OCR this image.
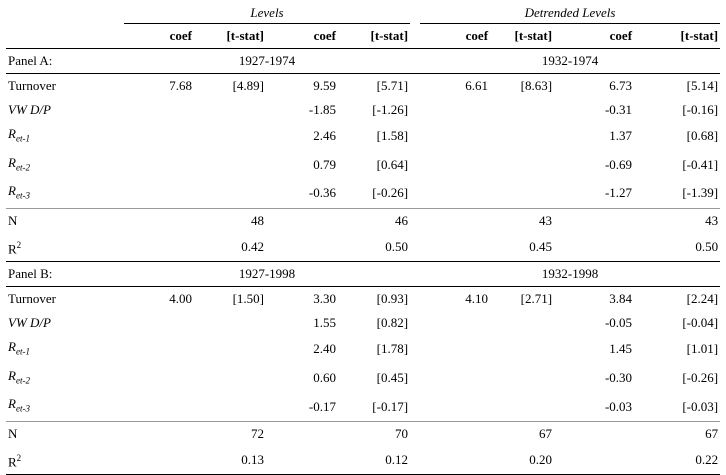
	Levels					Detrended Levels			
	coef	[t-stat]	coef	[t-stat]		coef	[t-stat]	coef	[t-stat]
Panel A:	1927-1974					1932-1974			
Turnover	7.68	[4.89]	9.59	[5.71]		6.61	[8.63]	6.73	[5.14]
VW D/P			-1.85	[-1.26]				-0.31	[-0.16]
$R_{et-1}$			2.46	[1.58]				1.37	[0.68]
$R_{et-2}$			0.79	[0.64]				-0.69	[-0.41]
$R_{et-3}$			-0.36	[-0.26]				-1.27	[-1.39]
N		48		46			43		43
$R^2$		0.42		0.50			0.45		0.50
Panel B:	1927-1998					1932-1998			
Turnover	4.00	[1.50]	3.30	[0.93]		4.10	[2.71]	3.84	[2.24]
VW D/P			1.55	[0.82]				-0.05	[-0.04]
$R_{et-1}$			2.40	[1.78]				1.45	[1.01]
$R_{et-2}$			0.60	[0.45]				-0.30	[-0.26]
$R_{et-3}$			-0.17	[-0.17]				-0.03	[-0.03]
N		72		70			67		67
$R^2$		0.13		0.12			0.20		0.22
